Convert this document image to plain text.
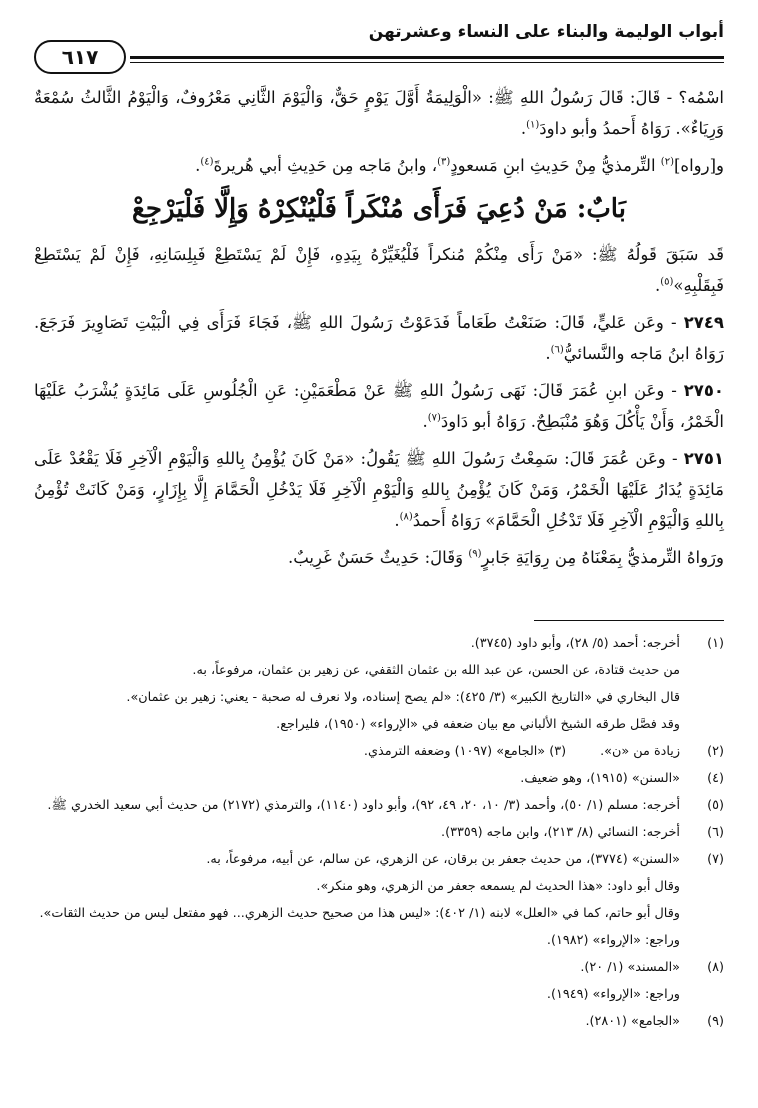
أبواب الوليمة والبناء على النساء وعشرتهن
٦١٧

اسْمُه؟ - قَالَ: قَالَ رَسُولُ اللهِ ﷺ: «الْوَلِيمَةُ أَوَّلَ يَوْمٍ حَقٌّ، وَالْيَوْمَ الثَّانِي مَعْرُوفٌ، وَالْيَوْمُ الثَّالثُ سُمْعَةٌ وَرِيَاءٌ». رَوَاهُ أَحمدُ وأبو داودَ$^{(١)}$.

و[رواه]$^{(٢)}$ التِّرمذيُّ مِنْ حَدِيثِ ابنِ مَسعودٍ$^{(٣)}$، وابنُ مَاجه مِن حَدِيثِ أبي هُريرةَ$^{(٤)}$.

بَابٌ: مَنْ دُعِيَ فَرَأَى مُنْكَراً فَلْيُنْكِرْهُ وَإِلَّا فَلْيَرْجِعْ

قَد سَبَقَ قَولُهُ ﷺ: «مَنْ رَأَى مِنْكُمْ مُنكراً فَلْيُغَيِّرْهُ بِيَدِهِ، فَإِنْ لَمْ يَسْتَطِعْ فَبِلِسَانِهِ، فَإِنْ لَمْ يَسْتَطِعْ فَبِقَلْبِهِ»$^{(٥)}$.

٢٧٤٩ - وعَن عَليٍّ، قَالَ: صَنَعْتُ طَعَاماً فَدَعَوْتُ رَسُولَ اللهِ ﷺ، فَجَاءَ فَرَأَى فِي الْبَيْتِ تَصَاوِيرَ فَرَجَعَ. رَوَاهُ ابنُ مَاجه والنَّسائيُّ$^{(٦)}$.

٢٧٥٠ - وعَن ابنِ عُمَرَ قَالَ: نَهَى رَسُولُ اللهِ ﷺ عَنْ مَطْعَمَيْنِ: عَنِ الْجُلُوسِ عَلَى مَائِدَةٍ يُشْرَبُ عَلَيْهَا الْخَمْرُ، وَأَنْ يَأْكُلَ وَهُوَ مُنْبَطِحٌ. رَوَاهُ أبو دَاودَ$^{(٧)}$.

٢٧٥١ - وعَن عُمَرَ قَالَ: سَمِعْتُ رَسُولَ اللهِ ﷺ يَقُولُ: «مَنْ كَانَ يُؤْمِنُ بِاللهِ وَالْيَوْمِ الْآخِرِ فَلَا يَقْعُدْ عَلَى مَائِدَةٍ يُدَارُ عَلَيْهَا الْخَمْرُ، وَمَنْ كَانَ يُؤْمِنُ بِاللهِ وَالْيَوْمِ الْآخِرِ فَلَا يَدْخُلِ الْحَمَّامَ إِلَّا بِإِزَارٍ، وَمَنْ كَانَتْ تُؤْمِنُ بِاللهِ وَالْيَوْمِ الْآخِرِ فَلَا تَدْخُلِ الْحَمَّامَ» رَوَاهُ أَحمدُ$^{(٨)}$.

ورَواهُ التِّرمذيُّ بِمَعْنَاهُ مِن رِوَايَةِ جَابرٍ$^{(٩)}$ وَقَالَ: حَدِيثٌ حَسَنٌ غَرِيبٌ.

(١)
أخرجه: أحمد (٥/ ٢٨)، وأبو داود (٣٧٤٥).
من حديث قتادة، عن الحسن، عن عبد الله بن عثمان الثقفي، عن زهير بن عثمان، مرفوعاً، به.
قال البخاري في «التاريخ الكبير» (٣/ ٤٢٥): «لم يصح إسناده، ولا نعرف له صحبة - يعني: زهير بن عثمان».
وقد فصَّل طرقه الشيخ الألباني مع بيان ضعفه في «الإرواء» (١٩٥٠)، فليراجع.
(٢)
زيادة من «ن».
(٣)

«الجامع» (١٠٩٧) وضعفه الترمذي.
(٤)
«السنن» (١٩١٥)، وهو ضعيف.
(٥)
أخرجه: مسلم (١/ ٥٠)، وأحمد (٣/ ١٠، ٢٠، ٤٩، ٩٢)، وأبو داود (١١٤٠)، والترمذي (٢١٧٢) من حديث أبي سعيد الخدري ﷺ.
(٦)
أخرجه: النسائي (٨/ ٢١٣)، وابن ماجه (٣٣٥٩).
(٧)
«السنن» (٣٧٧٤)، من حديث جعفر بن برقان، عن الزهري، عن سالم، عن أبيه، مرفوعاً، به.
وقال أبو داود: «هذا الحديث لم يسمعه جعفر من الزهري، وهو منكر».
وقال أبو حاتم، كما في «العلل» لابنه (١/ ٤٠٢): «ليس هذا من صحيح حديث الزهري... فهو مفتعل ليس من حديث الثقات».
وراجع: «الإرواء» (١٩٨٢).
(٨)
«المسند» (١/ ٢٠).
وراجع: «الإرواء» (١٩٤٩).
(٩)
«الجامع» (٢٨٠١).
